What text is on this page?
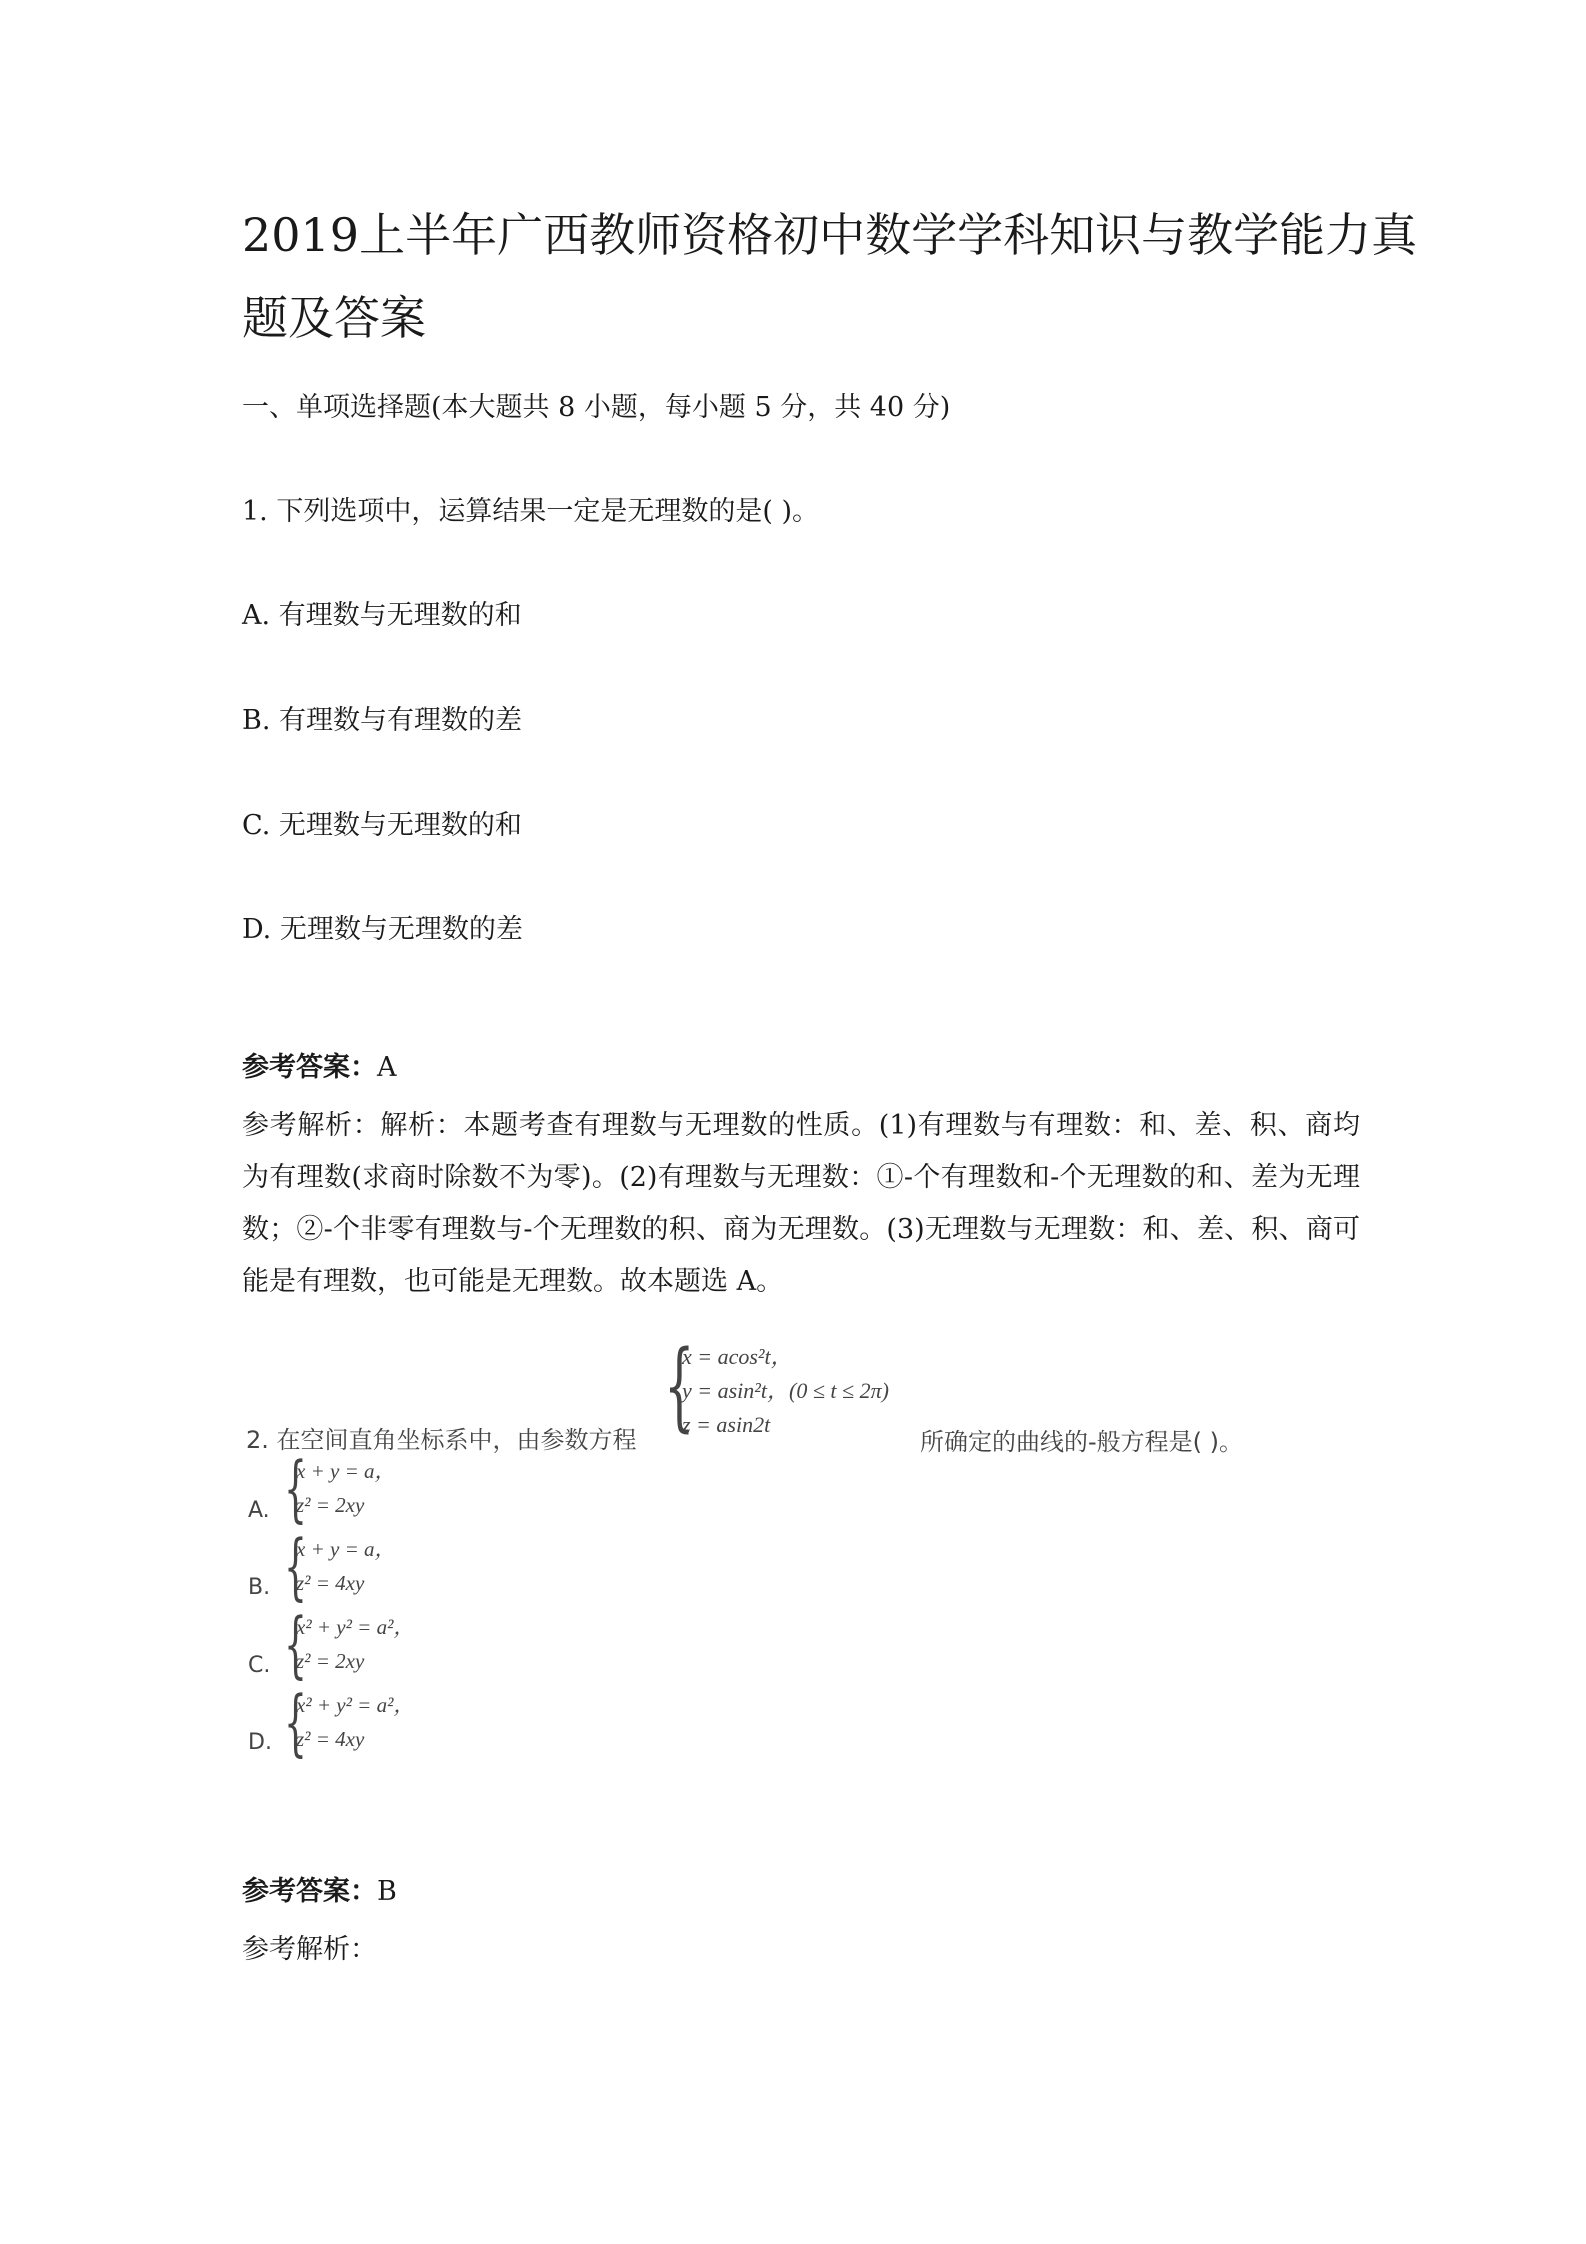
2019上半年广西教师资格初中数学学科知识与教学能力真
题及答案
一、单项选择题(本大题共 8 小题，每小题 5 分，共 40 分)
1. 下列选项中，运算结果一定是无理数的是( )。
A. 有理数与无理数的和
B. 有理数与有理数的差
C. 无理数与无理数的和
D. 无理数与无理数的差
参考答案：A
参考解析：解析：本题考查有理数与无理数的性质。(1)有理数与有理数：和、差、积、商均为有理数(求商时除数不为零)。(2)有理数与无理数：①-个有理数和-个无理数的和、差为无理数；②-个非零有理数与-个无理数的积、商为无理数。(3)无理数与无理数：和、差、积、商可能是有理数，也可能是无理数。故本题选 A。
{
x = acos²t，
y = asin²t，(0 ≤ t ≤ 2π)
z = asin2t
2. 在空间直角坐标系中，由参数方程	所确定的曲线的-般方程是( )。
A. {
x + y = a，
z² = 2xy
B. {
x + y = a，
z² = 4xy
C. {
x² + y² = a²，
z² = 2xy
D. {
x² + y² = a²，
z² = 4xy
参考答案：B
参考解析：
